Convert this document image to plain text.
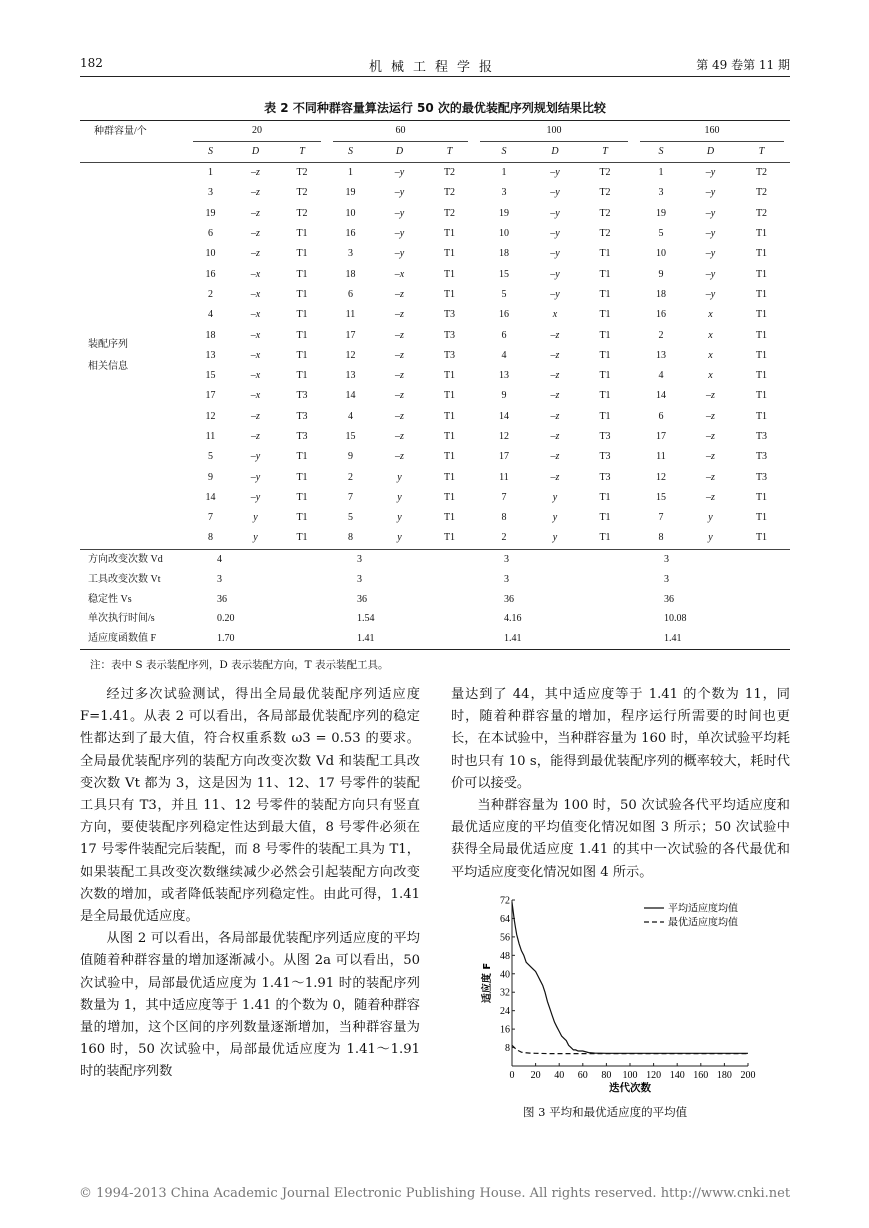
182	机械工程学报	第 49 卷第 11 期
表 2 不同种群容量算法运行 50 次的最优装配序列规划结果比较
种群容量/个	20			60			100			160		

	S	D	T	S	D	T	S	D	T	S	D	T

装配序列
相关信息	1	–z	T2	1	–y	T2	1	–y	T2	1	–y	T2
	3	–z	T2	19	–y	T2	3	–y	T2	3	–y	T2
	19	–z	T2	10	–y	T2	19	–y	T2	19	–y	T2
	6	–z	T1	16	–y	T1	10	–y	T2	5	–y	T1
	10	–z	T1	3	–y	T1	18	–y	T1	10	–y	T1
	16	–x	T1	18	–x	T1	15	–y	T1	9	–y	T1
	2	–x	T1	6	–z	T1	5	–y	T1	18	–y	T1
	4	–x	T1	11	–z	T3	16	x	T1	16	x	T1
	18	–x	T1	17	–z	T3	6	–z	T1	2	x	T1
	13	–x	T1	12	–z	T3	4	–z	T1	13	x	T1
	15	–x	T1	13	–z	T1	13	–z	T1	4	x	T1
	17	–x	T3	14	–z	T1	9	–z	T1	14	–z	T1
	12	–z	T3	4	–z	T1	14	–z	T1	6	–z	T1
	11	–z	T3	15	–z	T1	12	–z	T3	17	–z	T3
	5	–y	T1	9	–z	T1	17	–z	T3	11	–z	T3
	9	–y	T1	2	y	T1	11	–z	T3	12	–z	T3
	14	–y	T1	7	y	T1	7	y	T1	15	–z	T1
	7	y	T1	5	y	T1	8	y	T1	7	y	T1
	8	y	T1	8	y	T1	2	y	T1	8	y	T1
方向改变次数 Vd	4			3			3			3		
工具改变次数 Vt	3			3			3			3		
稳定性 Vs	36			36			36			36		
单次执行时间/s	0.20			1.54			4.16			10.08		
适应度函数值 F	1.70			1.41			1.41			1.41		
注：表中 S 表示装配序列，D 表示装配方向，T 表示装配工具。

经过多次试验测试，得出全局最优装配序列适应度 F=1.41。从表 2 可以看出，各局部最优装配序列的稳定性都达到了最大值，符合权重系数 ω3 = 0.53 的要求。全局最优装配序列的装配方向改变次数 Vd 和装配工具改变次数 Vt 都为 3，这是因为 11、12、17 号零件的装配工具只有 T3，并且 11、12 号零件的装配方向只有竖直方向，要使装配序列稳定性达到最大值，8 号零件必须在 17 号零件装配完后装配，而 8 号零件的装配工具为 T1，如果装配工具改变次数继续减少必然会引起装配方向改变次数的增加，或者降低装配序列稳定性。由此可得，1.41 是全局最优适应度。

从图 2 可以看出，各局部最优装配序列适应度的平均值随着种群容量的增加逐渐减小。从图 2a 可以看出，50 次试验中，局部最优适应度为 1.41～1.91 时的装配序列数量为 1，其中适应度等于 1.41 的个数为 0，随着种群容量的增加，这个区间的序列数量逐渐增加，当种群容量为 160 时，50 次试验中，局部最优适应度为 1.41～1.91 时的装配序列数

量达到了 44，其中适应度等于 1.41 的个数为 11，同时，随着种群容量的增加，程序运行所需要的时间也更长，在本试验中，当种群容量为 160 时，单次试验平均耗时也只有 10 s，能得到最优装配序列的概率较大，耗时代价可以接受。

当种群容量为 100 时，50 次试验各代平均适应度和最优适应度的平均值变化情况如图 3 所示；50 次试验中获得全局最优适应度 1.41 的其中一次试验的各代最优和平均适应度变化情况如图 4 所示。

0 20 40 60 80 100 120 140 160 180 200
8
16
24
32
40
48
56
64
72
迭代次数
适应度 F
平均适应度均值
最优适应度均值
图 3 平均和最优适应度的平均值
© 1994-2013 China Academic Journal Electronic Publishing House. All rights reserved. http://www.cnki.net
